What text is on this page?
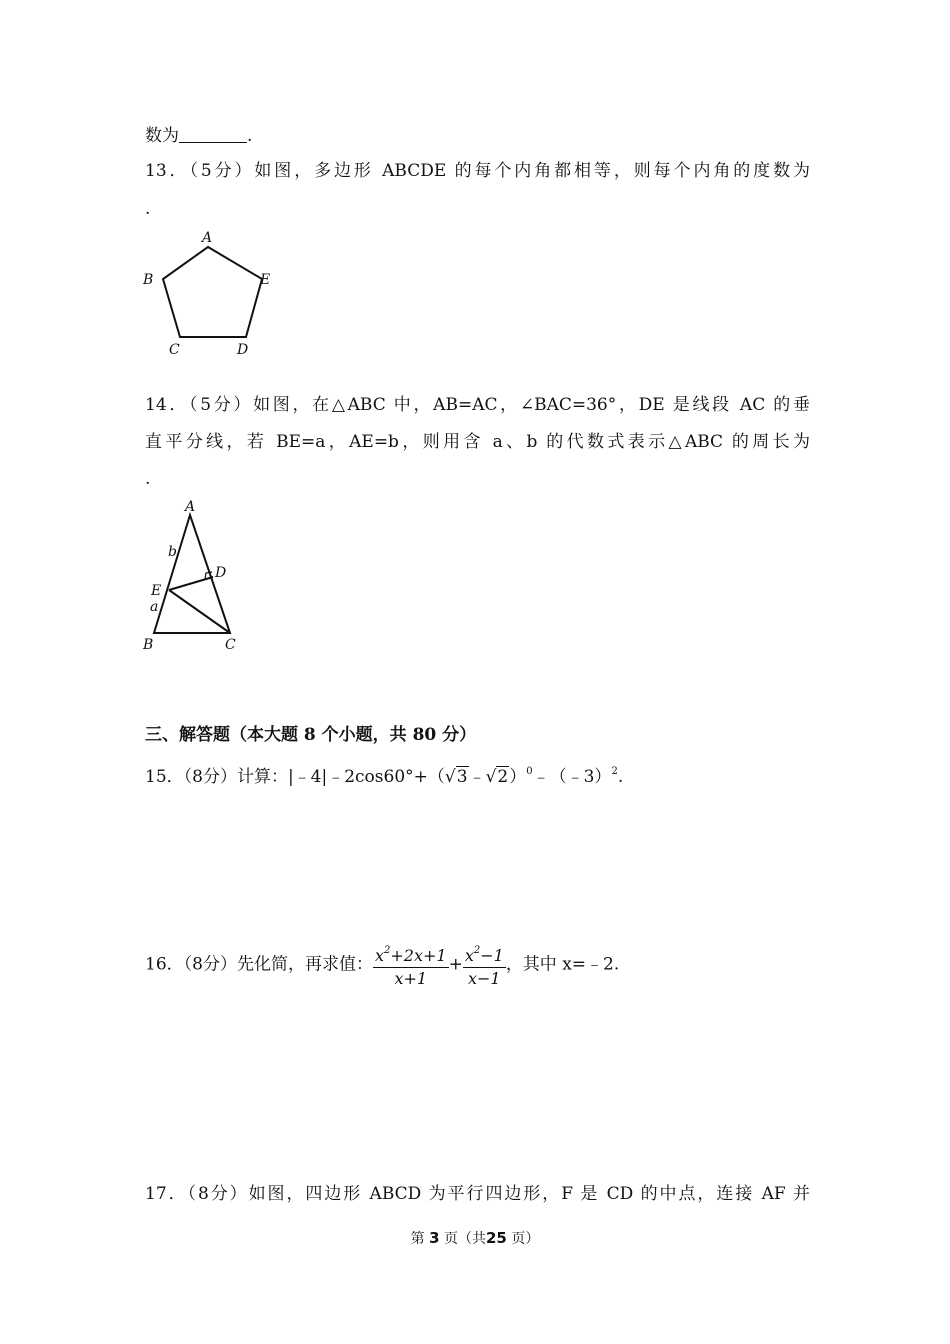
数为	.
13．（5分）如图，多边形 ABCDE 的每个内角都相等，则每个内角的度数为
.
A
B	E
C	D
14．（5分）如图，在△ABC 中，AB=AC，∠BAC=36°，DE 是线段 AC 的垂
直平分线，若 BE=a，AE=b，则用含 a、b 的代数式表示△ABC 的周长为
.
A
b
D
E
a
B	C
三、解答题（本大题 8 个小题，共 80 分）
15．（8分）计算：|﹣4|﹣2cos60°+（√3﹣√2）$^0$﹣（﹣3）$^2$.
16．（8分）先化简，再求值： $\frac{x^2+2x+1}{x+1} + \frac{x^2-1}{x-1}$ ，其中 x=﹣2.
17．（8分）如图，四边形 ABCD 为平行四边形，F 是 CD 的中点，连接 AF 并
第 3 页（共25 页）
